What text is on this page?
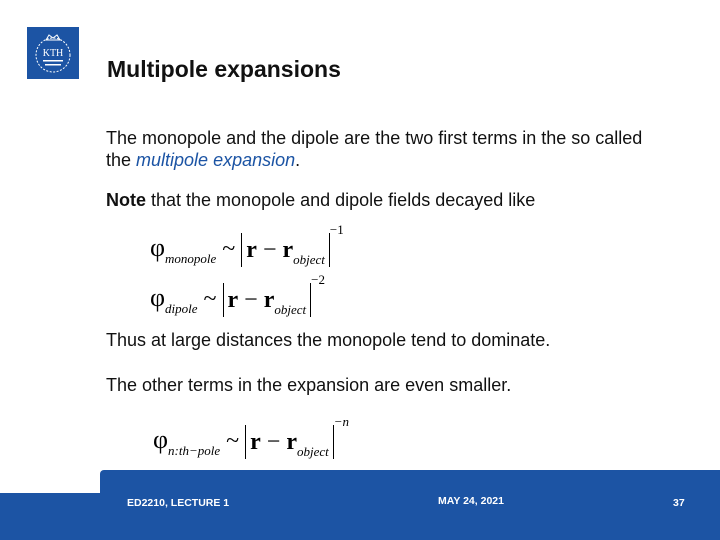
KTH
Multipole expansions
The monopole and the dipole are the two first terms in the so called the multipole expansion.
Note that the monopole and dipole fields decayed like
$\varphi_{monopole}$ ~ $r - r_{object}^{-1}$
$\varphi_{dipole}$ ~ $r - r_{object}^{-2}$
Thus at large distances the monopole tend to dominate.
The other terms in the expansion are even smaller.
$\varphi_{n:th-pole}$ ~ $r - r_{object}^{-n}$
ED2210, LECTURE 1	MAY 24, 2021	37
